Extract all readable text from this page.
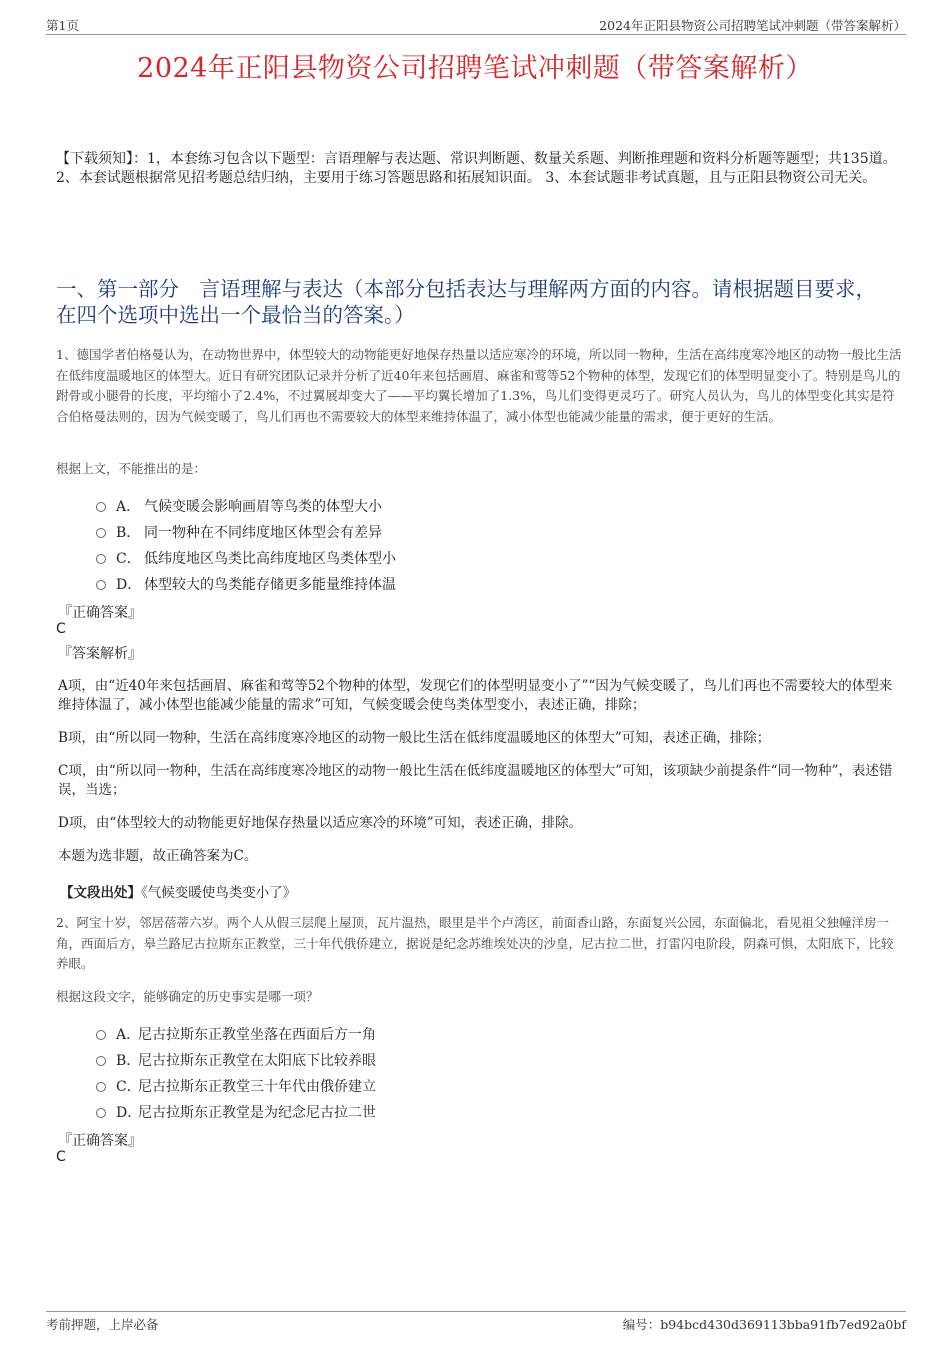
第1页	2024年正阳县物资公司招聘笔试冲刺题（带答案解析）
2024年正阳县物资公司招聘笔试冲刺题（带答案解析）
【下载须知】：1，本套练习包含以下题型：言语理解与表达题、常识判断题、数量关系题、判断推理题和资料分析题等题型；共135道。 2、本套试题根据常见招考题总结归纳，主要用于练习答题思路和拓展知识面。 3、本套试题非考试真题，且与正阳县物资公司无关。
一、第一部分　言语理解与表达（本部分包括表达与理解两方面的内容。请根据题目要求，在四个选项中选出一个最恰当的答案。）
1、德国学者伯格曼认为，在动物世界中，体型较大的动物能更好地保存热量以适应寒冷的环境，所以同一物种，生活在高纬度寒冷地区的动物一般比生活在低纬度温暖地区的体型大。近日有研究团队记录并分析了近40年来包括画眉、麻雀和莺等52个物种的体型，发现它们的体型明显变小了。特别是鸟儿的跗骨或小腿骨的长度，平均缩小了2.4%，不过翼展却变大了——平均翼长增加了1.3%，鸟儿们变得更灵巧了。研究人员认为，鸟儿的体型变化其实是符合伯格曼法则的，因为气候变暖了，鸟儿们再也不需要较大的体型来维持体温了，减小体型也能减少能量的需求，便于更好的生活。
根据上文，不能推出的是：
A． 气候变暖会影响画眉等鸟类的体型大小
B． 同一物种在不同纬度地区体型会有差异
C． 低纬度地区鸟类比高纬度地区鸟类体型小
D． 体型较大的鸟类能存储更多能量维持体温
『正确答案』
C
『答案解析』
A项，由“近40年来包括画眉、麻雀和莺等52个物种的体型，发现它们的体型明显变小了”“因为气候变暖了，鸟儿们再也不需要较大的体型来维持体温了，减小体型也能减少能量的需求”可知，气候变暖会使鸟类体型变小，表述正确，排除；
B项，由“所以同一物种，生活在高纬度寒冷地区的动物一般比生活在低纬度温暖地区的体型大”可知，表述正确，排除；
C项，由“所以同一物种，生活在高纬度寒冷地区的动物一般比生活在低纬度温暖地区的体型大”可知，该项缺少前提条件“同一物种”，表述错误，当选；
D项，由“体型较大的动物能更好地保存热量以适应寒冷的环境”可知，表述正确，排除。
本题为选非题，故正确答案为C。
【文段出处】《气候变暖使鸟类变小了》
2、阿宝十岁，邻居蓓蒂六岁。两个人从假三层爬上屋顶，瓦片温热，眼里是半个卢湾区，前面香山路，东面复兴公园，东面偏北，看见祖父独幢洋房一角，西面后方，皋兰路尼古拉斯东正教堂，三十年代俄侨建立，据说是纪念苏维埃处决的沙皇，尼古拉二世，打雷闪电阶段，阴森可惧，太阳底下，比较养眼。
根据这段文字，能够确定的历史事实是哪一项？
A．
尼古拉斯东正教堂坐落在西面后方一角
B．
尼古拉斯东正教堂在太阳底下比较养眼
C．
尼古拉斯东正教堂三十年代由俄侨建立
D．
尼古拉斯东正教堂是为纪念尼古拉二世
『正确答案』
C
考前押题，上岸必备	编号：b94bcd430d369113bba91fb7ed92a0bf
